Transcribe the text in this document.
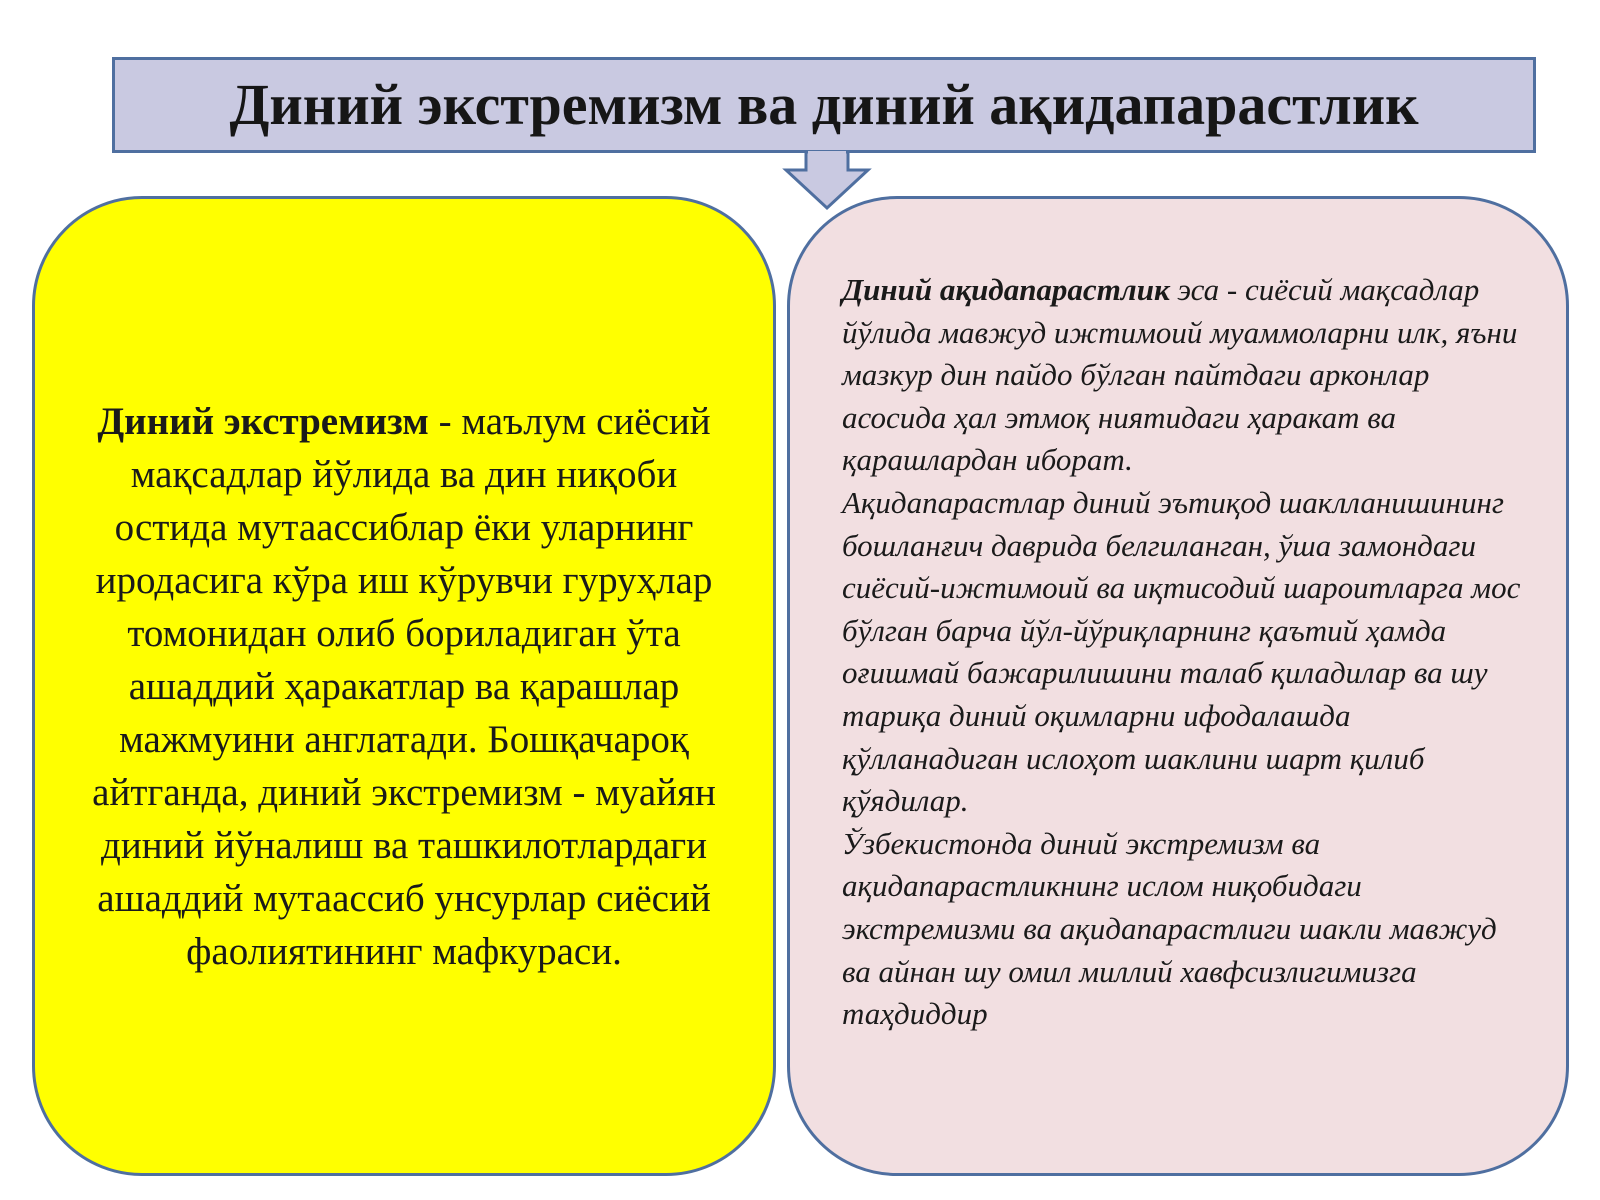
Диний экстремизм ва диний ақидапарастлик

Диний экстремизм - маълум сиёсий мақсадлар йўлида ва дин ниқоби остида мутаассиблар ёки уларнинг иродасига кўра иш кўрувчи гуруҳлар томонидан олиб бориладиган ўта ашаддий ҳаракатлар ва қарашлар мажмуини англатади. Бошқачароқ айтганда, диний экстремизм - муайян диний йўналиш ва ташкилотлардаги ашаддий мутаассиб унсурлар сиёсий фаолиятининг мафкураси.

Диний ақидапарастлик эса - сиёсий мақсадлар йўлида мавжуд ижтимоий муаммоларни илк, яъни мазкур дин пайдо бўлган пайтдаги арконлар асосида ҳал этмоқ ниятидаги ҳаракат ва қарашлардан иборат.
Ақидапарастлар диний эътиқод шаклланишининг бошланғич даврида белгиланган, ўша замондаги сиёсий-ижтимоий ва иқтисодий шароитларга мос бўлган барча йўл-йўриқларнинг қаътий ҳамда оғишмай бажарилишини талаб қиладилар ва шу тариқа диний оқимларни ифодалашда қўлланадиган ислоҳот шаклини шарт қилиб қўядилар.
Ўзбекистонда диний экстремизм ва ақидапарастликнинг ислом ниқобидаги экстремизми ва ақидапарастлиги шакли мавжуд ва айнан шу омил миллий хавфсизлигимизга таҳдиддир
